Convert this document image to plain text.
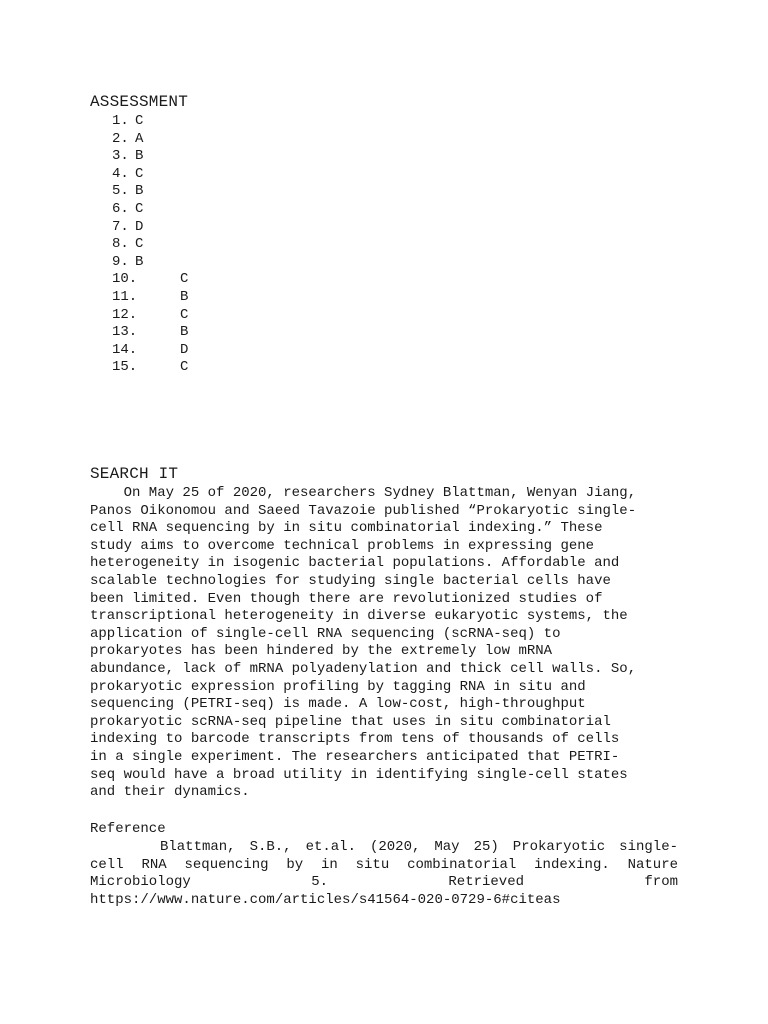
ASSESSMENT
1. C
2. A
3. B
4. C
5. B
6. C
7. D
8. C
9. B
10.	C
11.	B
12.	C
13.	B
14.	D
15.	C
SEARCH IT
On May 25 of 2020, researchers Sydney Blattman, Wenyan Jiang,
Panos Oikonomou and Saeed Tavazoie published “Prokaryotic single-
cell RNA sequencing by in situ combinatorial indexing.” These
study aims to overcome technical problems in expressing gene
heterogeneity in isogenic bacterial populations. Affordable and
scalable technologies for studying single bacterial cells have
been limited. Even though there are revolutionized studies of
transcriptional heterogeneity in diverse eukaryotic systems, the
application of single-cell RNA sequencing (scRNA-seq) to
prokaryotes has been hindered by the extremely low mRNA
abundance, lack of mRNA polyadenylation and thick cell walls. So,
prokaryotic expression profiling by tagging RNA in situ and
sequencing (PETRI-seq) is made. A low-cost, high-throughput
prokaryotic scRNA-seq pipeline that uses in situ combinatorial
indexing to barcode transcripts from tens of thousands of cells
in a single experiment. The researchers anticipated that PETRI-
seq would have a broad utility in identifying single-cell states
and their dynamics.

Reference

Blattman, S.B., et.al. (2020, May 25) Prokaryotic single-
cell RNA sequencing by in situ combinatorial indexing. Nature
Microbiology 5. Retrieved from
https://www.nature.com/articles/s41564-020-0729-6#citeas
